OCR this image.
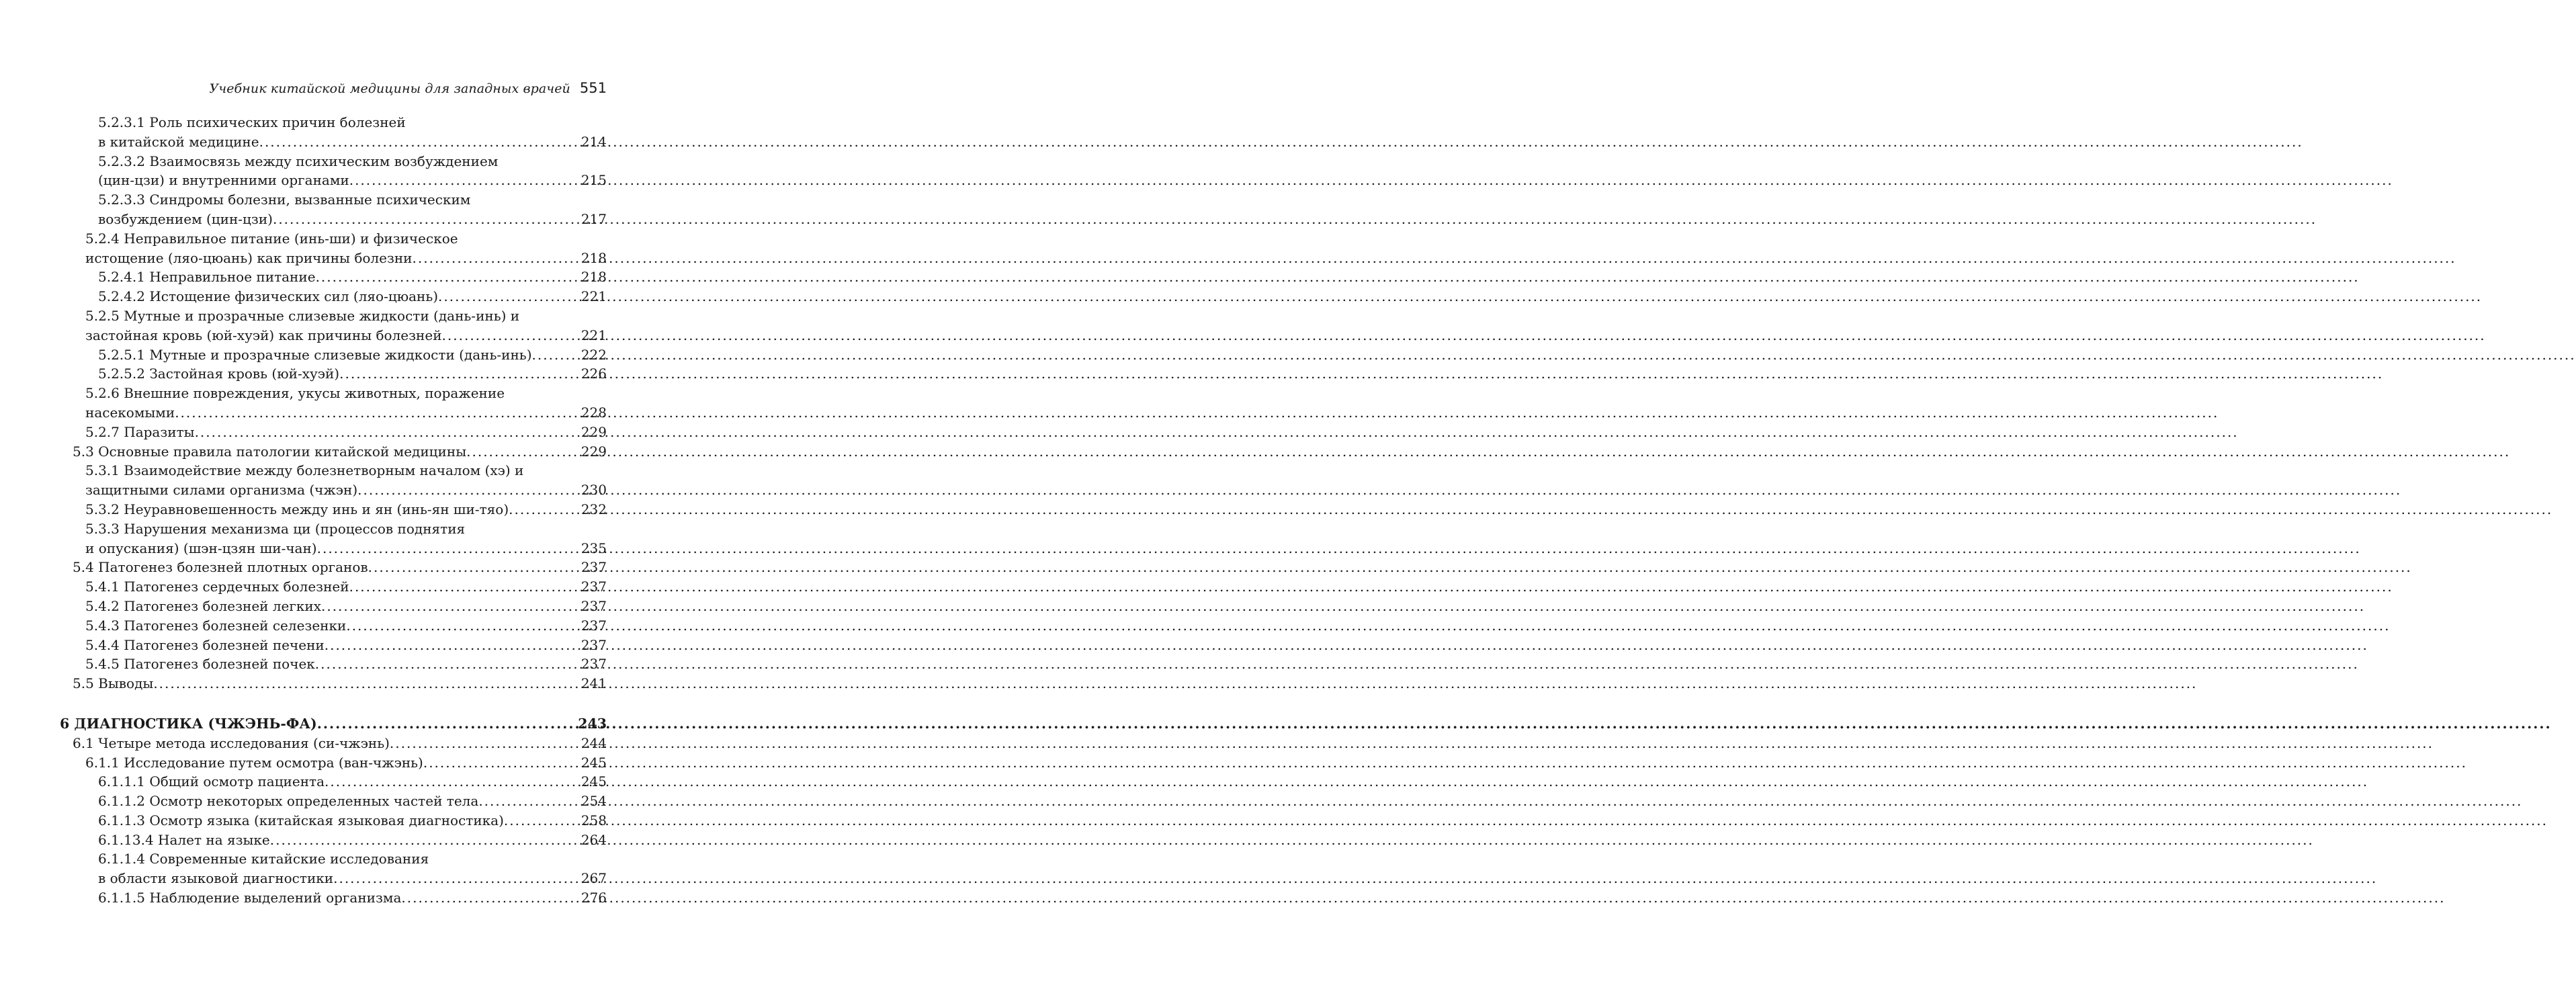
Учебник китайской медицины для западных врачей 551
5.2.3.1 Роль психических причин болезней
в китайской медицине .....	214
5.2.3.2 Взаимосвязь между психическим возбуждением
(цин-цзи) и внутренними органами .....	215
5.2.3.3 Синдромы болезни, вызванные психическим
возбуждением (цин-цзи) .....	217
5.2.4 Неправильное питание (инь-ши) и физическое
истощение (ляо-цюань) как причины болезни .....	218
5.2.4.1 Неправильное питание .....	218
5.2.4.2 Истощение физических сил (ляо-цюань) .....	221
5.2.5 Мутные и прозрачные слизевые жидкости (дань-инь) и
застойная кровь (юй-хуэй) как причины болезней .....	221
5.2.5.1 Мутные и прозрачные слизевые жидкости (дань-инь) .....	222
5.2.5.2 Застойная кровь (юй-хуэй) .....	226
5.2.6 Внешние повреждения, укусы животных, поражение
насекомыми .....	228
5.2.7 Паразиты .....	229
5.3 Основные правила патологии китайской медицины .....	229
5.3.1 Взаимодействие между болезнетворным началом (хэ) и
защитными силами организма (чжэн) .....	230
5.3.2 Неуравновешенность между инь и ян (инь-ян ши-тяо) .....	232
5.3.3 Нарушения механизма ци (процессов поднятия
и опускания) (шэн-цзян ши-чан) .....	235
5.4 Патогенез болезней плотных органов .....	237
5.4.1 Патогенез сердечных болезней .....	237
5.4.2 Патогенез болезней легких .....	237
5.4.3 Патогенез болезней селезенки .....	237
5.4.4 Патогенез болезней печени .....	237
5.4.5 Патогенез болезней почек .....	237
5.5 Выводы .....	241
6 ДИАГНОСТИКА (ЧЖЭНЬ-ФА) .....	243
6.1 Четыре метода исследования (си-чжэнь) .....	244
6.1.1 Исследование путем осмотра (ван-чжэнь) .....	245
6.1.1.1 Общий осмотр пациента .....	245
6.1.1.2 Осмотр некоторых определенных частей тела .....	254
6.1.1.3 Осмотр языка (китайская языковая диагностика) .....	258
6.1.13.4 Налет на языке .....	264
6.1.1.4 Современные китайские исследования
в области языковой диагностики .....	267
6.1.1.5 Наблюдение выделений организма .....	276
